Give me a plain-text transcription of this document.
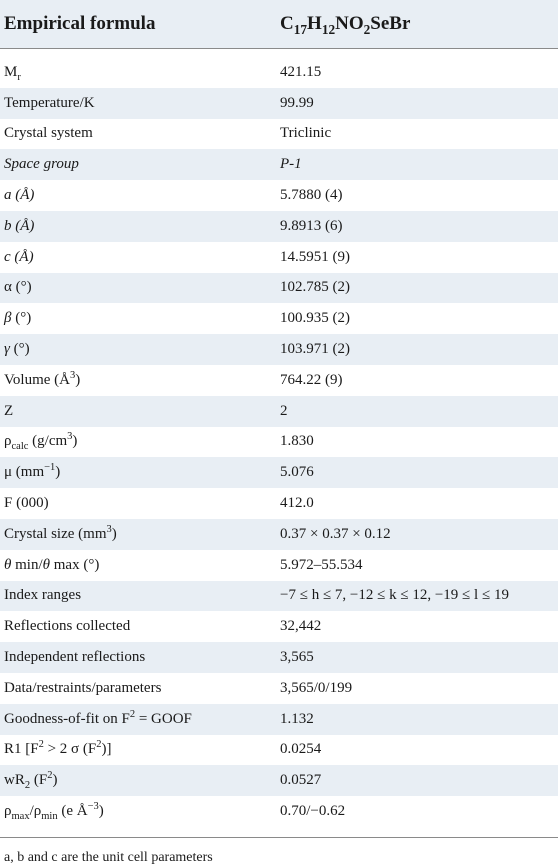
Empirical formula	$C_{17}H_{12}NO_2SeBr$
$M_r$	421.15
Temperature/K	99.99
Crystal system	Triclinic
Space group	P-1
a (Å)	5.7880 (4)
b (Å)	9.8913 (6)
c (Å)	14.5951 (9)
α (°)	102.785 (2)
β (°)	100.935 (2)
γ (°)	103.971 (2)
Volume $(Å^3)$	764.22 (9)
Z	2
$\rho_{calc}$ $(g/cm^3)$	1.830
μ $(mm^{-1})$	5.076
F (000)	412.0
Crystal size $(mm^3)$	0.37 × 0.37 × 0.12
θ min/θ max (°)	5.972–55.534
Index ranges	−7 ≤ h ≤ 7, −12 ≤ k ≤ 12, −19 ≤ l ≤ 19
Reflections collected	32,442
Independent reflections	3,565
Data/restraints/parameters	3,565/0/199
Goodness-of-fit on $F^2$ = GOOF	1.132
R1 [$F^2 > 2$ σ $(F^2)$]	0.0254
$wR_2$ $(F^2)$	0.0527
$\rho_{max}/\rho_{min}$ (e $Å^{-3}$)	0.70/−0.62
a, b and c are the unit cell parameters
